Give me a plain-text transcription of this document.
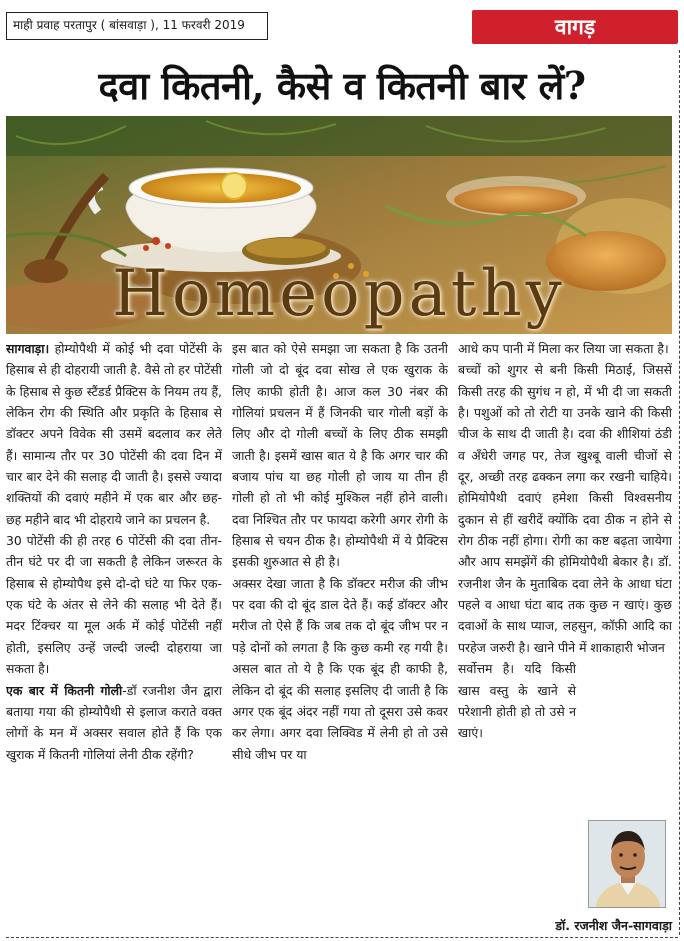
माही प्रवाह परतापुर ( बांसवाड़ा ), 11 फरवरी 2019	वागड़
दवा कितनी, कैसे व कितनी बार लें?
Homeopathy

सागवाड़ा। होम्योपैथी में कोई भी दवा पोटेंसी के हिसाब से ही दोहरायी जाती है. वैसे तो हर पोटेंसी के हिसाब से कुछ स्टैंडर्ड प्रैक्टिस के नियम तय हैं, लेकिन रोग की स्थिति और प्रकृति के हिसाब से डॉक्टर अपने विवेक सी उसमें बदलाव कर लेते हैं। सामान्य तौर पर 30 पोटेंसी की दवा दिन में चार बार देने की सलाह दी जाती है। इससे ज्यादा शक्तियों की दवाएं महीने में एक बार और छह-छह महीने बाद भी दोहराये जाने का प्रचलन है.

30 पोटेंसी की ही तरह 6 पोटेंसी की दवा तीन-तीन घंटे पर दी जा सकती है लेकिन जरूरत के हिसाब से होम्योपैथ इसे दो-दो घंटे या फिर एक-एक घंटे के अंतर से लेने की सलाह भी देते हैं। मदर टिंक्चर या मूल अर्क में कोई पोटेंसी नहीं होती, इसलिए उन्हें जल्दी जल्दी दोहराया जा सकता है।

एक बार में कितनी गोली-डॉ रजनीश जैन द्वारा बताया गया की होम्योपैथी से इलाज कराते वक्त लोगों के मन में अक्सर सवाल होते हैं कि एक खुराक में कितनी गोलियां लेनी ठीक रहेंगी?

इस बात को ऐसे समझा जा सकता है कि उतनी गोली जो दो बूंद दवा सोख ले एक खुराक के लिए काफी होती है। आज कल 30 नंबर की गोलियां प्रचलन में हैं जिनकी चार गोली बड़ों के लिए और दो गोली बच्चों के लिए ठीक समझी जाती है। इसमें खास बात ये है कि अगर चार की बजाय पांच या छह गोली हो जाय या तीन ही गोली हो तो भी कोई मुश्किल नहीं होने वाली। दवा निश्चित तौर पर फायदा करेगी अगर रोगी के हिसाब से चयन ठीक है। होम्योपैथी में ये प्रैक्टिस इसकी शुरुआत से ही है।

अक्सर देखा जाता है कि डॉक्टर मरीज की जीभ पर दवा की दो बूंद डाल देते हैं। कई डॉक्टर और मरीज तो ऐसे हैं कि जब तक दो बूंद जीभ पर न पड़े दोनों को लगता है कि कुछ कमी रह गयी है। असल बात तो ये है कि एक बूंद ही काफी है, लेकिन दो बूंद की सलाह इसलिए दी जाती है कि अगर एक बूंद अंदर नहीं गया तो दूसरा उसे कवर कर लेगा। अगर दवा लिक्विड में लेनी हो तो उसे सीधे जीभ पर या

आधे कप पानी में मिला कर लिया जा सकता है।

बच्चों को शुगर से बनी किसी मिठाई, जिससें किसी तरह की सुगंध न हो, में भी दी जा सकती है। पशुओं को तो रोटी या उनके खाने की किसी चीज के साथ दी जाती है। दवा की शीशियां ठंडी व अँधेरी जगह पर, तेज खुश्बू वाली चीजों से दूर, अच्छी तरह ढक्कन लगा कर रखनी चाहिये। होमियोपैथी दवाएं हमेशा किसी विश्वसनीय दुकान से हीं खरीदें क्योंकि दवा ठीक न होने से रोग ठीक नहीं होगा। रोगी का कष्ट बढ़ता जायेगा और आप समझेंगें की होमियोपैथी बेकार है। डॉ. रजनीश जैन के मुताबिक दवा लेने के आधा घंटा पहले व आधा घंटा बाद तक कुछ न खाएं। कुछ दवाओं के साथ प्याज, लहसुन, कॉफ़ी आदि का परहेज जरुरी है। खाने पीने में शाकाहारी भोजन

सर्वोत्तम है। यदि किसी खास वस्तु के खाने से परेशानी होती हो तो उसे न खाएं।

डॉ. रजनीश जैन-सागवाड़ा
